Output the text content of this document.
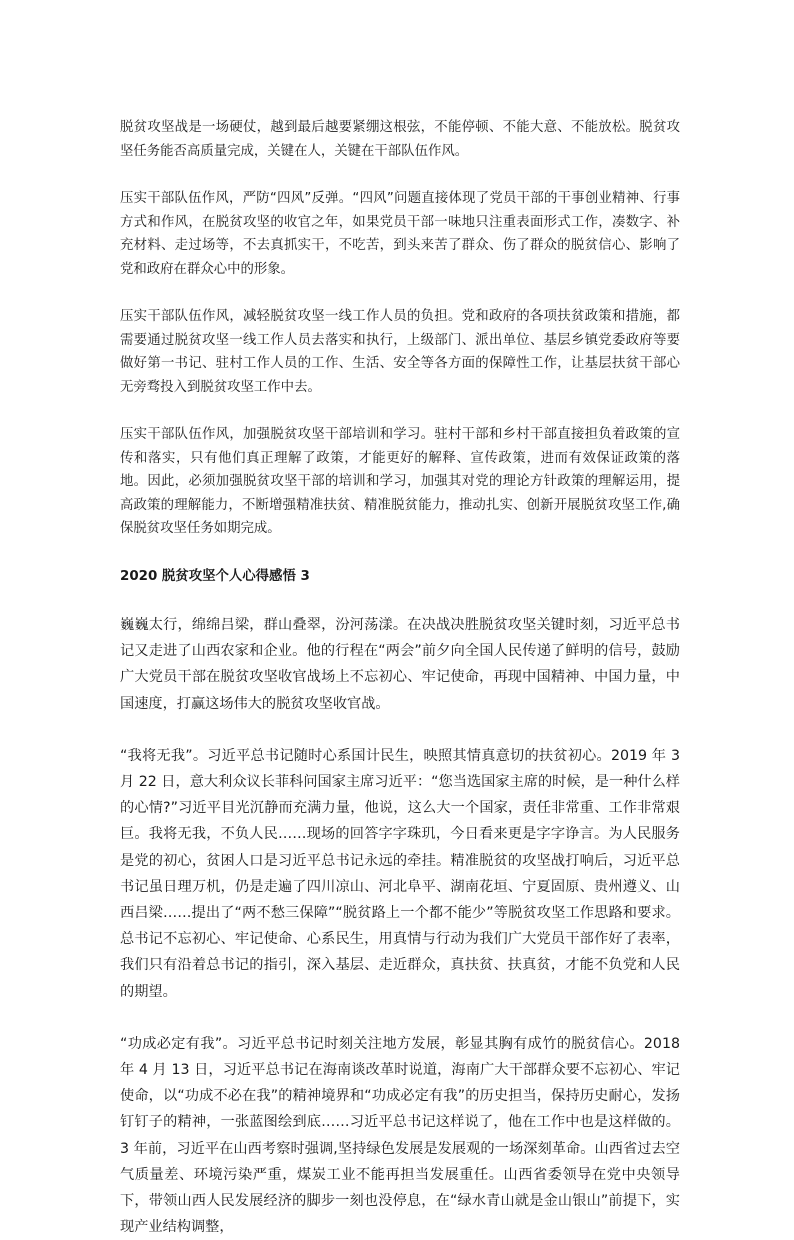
脱贫攻坚战是一场硬仗，越到最后越要紧绷这根弦，不能停顿、不能大意、不能放松。脱贫攻坚任务能否高质量完成，关键在人，关键在干部队伍作风。

压实干部队伍作风，严防“四风”反弹。“四风”问题直接体现了党员干部的干事创业精神、行事方式和作风，在脱贫攻坚的收官之年，如果党员干部一味地只注重表面形式工作，凑数字、补充材料、走过场等，不去真抓实干，不吃苦，到头来苦了群众、伤了群众的脱贫信心、影响了党和政府在群众心中的形象。

压实干部队伍作风，减轻脱贫攻坚一线工作人员的负担。党和政府的各项扶贫政策和措施，都需要通过脱贫攻坚一线工作人员去落实和执行，上级部门、派出单位、基层乡镇党委政府等要做好第一书记、驻村工作人员的工作、生活、安全等各方面的保障性工作，让基层扶贫干部心无旁骛投入到脱贫攻坚工作中去。

压实干部队伍作风，加强脱贫攻坚干部培训和学习。驻村干部和乡村干部直接担负着政策的宣传和落实，只有他们真正理解了政策，才能更好的解释、宣传政策，进而有效保证政策的落地。因此，必须加强脱贫攻坚干部的培训和学习，加强其对党的理论方针政策的理解运用，提高政策的理解能力，不断增强精准扶贫、精准脱贫能力，推动扎实、创新开展脱贫攻坚工作,确保脱贫攻坚任务如期完成。

2020 脱贫攻坚个人心得感悟 3

巍巍太行，绵绵吕梁，群山叠翠，汾河荡漾。在决战决胜脱贫攻坚关键时刻，习近平总书记又走进了山西农家和企业。他的行程在“两会”前夕向全国人民传递了鲜明的信号，鼓励广大党员干部在脱贫攻坚收官战场上不忘初心、牢记使命，再现中国精神、中国力量，中国速度，打赢这场伟大的脱贫攻坚收官战。

“我将无我”。习近平总书记随时心系国计民生，映照其情真意切的扶贫初心。2019 年 3 月 22 日，意大利众议长菲科问国家主席习近平：“您当选国家主席的时候，是一种什么样的心情?”习近平目光沉静而充满力量，他说，这么大一个国家，责任非常重、工作非常艰巨。我将无我，不负人民……现场的回答字字珠玑，今日看来更是字字诤言。为人民服务是党的初心，贫困人口是习近平总书记永远的牵挂。精准脱贫的攻坚战打响后，习近平总书记虽日理万机，仍是走遍了四川凉山、河北阜平、湖南花垣、宁夏固原、贵州遵义、山西吕梁……提出了“两不愁三保障”“脱贫路上一个都不能少”等脱贫攻坚工作思路和要求。总书记不忘初心、牢记使命、心系民生，用真情与行动为我们广大党员干部作好了表率，我们只有沿着总书记的指引，深入基层、走近群众，真扶贫、扶真贫，才能不负党和人民的期望。

“功成必定有我”。习近平总书记时刻关注地方发展，彰显其胸有成竹的脱贫信心。2018 年 4 月 13 日，习近平总书记在海南谈改革时说道，海南广大干部群众要不忘初心、牢记使命，以“功成不必在我”的精神境界和“功成必定有我”的历史担当，保持历史耐心，发扬钉钉子的精神，一张蓝图绘到底……习近平总书记这样说了，他在工作中也是这样做的。3 年前，习近平在山西考察时强调,坚持绿色发展是发展观的一场深刻革命。山西省过去空气质量差、环境污染严重，煤炭工业不能再担当发展重任。山西省委领导在党中央领导下，带领山西人民发展经济的脚步一刻也没停息，在“绿水青山就是金山银山”前提下，实现产业结构调整，
